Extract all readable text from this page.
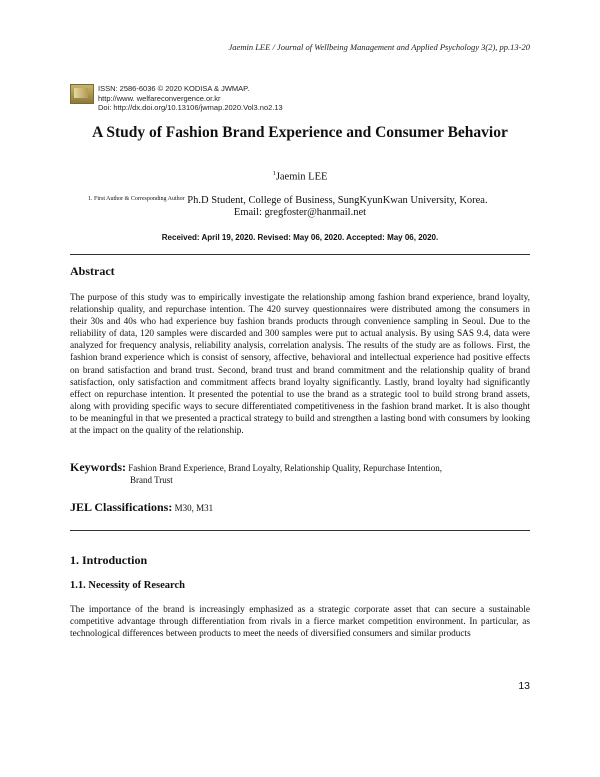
Jaemin LEE / Journal of Wellbeing Management and Applied Psychology 3(2), pp.13-20
ISSN: 2586-6036 © 2020 KODISA & JWMAP.
http://www. welfareconvergence.or.kr
Doi: http://dx.doi.org/10.13106/jwmap.2020.Vol3.no2.13
A Study of Fashion Brand Experience and Consumer Behavior
$^1$Jaemin LEE
$^{1. First Author \& Corresponding Author}$ Ph.D Student, College of Business, SungKyunKwan University, Korea.
Email: gregfoster@hanmail.net
Received: April 19, 2020. Revised: May 06, 2020. Accepted: May 06, 2020.
Abstract
The purpose of this study was to empirically investigate the relationship among fashion brand experience, brand loyalty, relationship quality, and repurchase intention. The 420 survey questionnaires were distributed among the consumers in their 30s and 40s who had experience buy fashion brands products through convenience sampling in Seoul. Due to the reliability of data, 120 samples were discarded and 300 samples were put to actual analysis. By using SAS 9.4, data were analyzed for frequency analysis, reliability analysis, correlation analysis. The results of the study are as follows. First, the fashion brand experience which is consist of sensory, affective, behavioral and intellectual experience had positive effects on brand satisfaction and brand trust. Second, brand trust and brand commitment and the relationship quality of brand satisfaction, only satisfaction and commitment affects brand loyalty significantly. Lastly, brand loyalty had significantly effect on repurchase intention. It presented the potential to use the brand as a strategic tool to build strong brand assets, along with providing specific ways to secure differentiated competitiveness in the fashion brand market. It is also thought to be meaningful in that we presented a practical strategy to build and strengthen a lasting bond with consumers by looking at the impact on the quality of the relationship.
Keywords: Fashion Brand Experience, Brand Loyalty, Relationship Quality, Repurchase Intention,
Brand Trust
JEL Classifications: M30, M31
1. Introduction
1.1. Necessity of Research
The importance of the brand is increasingly emphasized as a strategic corporate asset that can secure a sustainable competitive advantage through differentiation from rivals in a fierce market competition environment. In particular, as technological differences between products to meet the needs of diversified consumers and similar products
13
